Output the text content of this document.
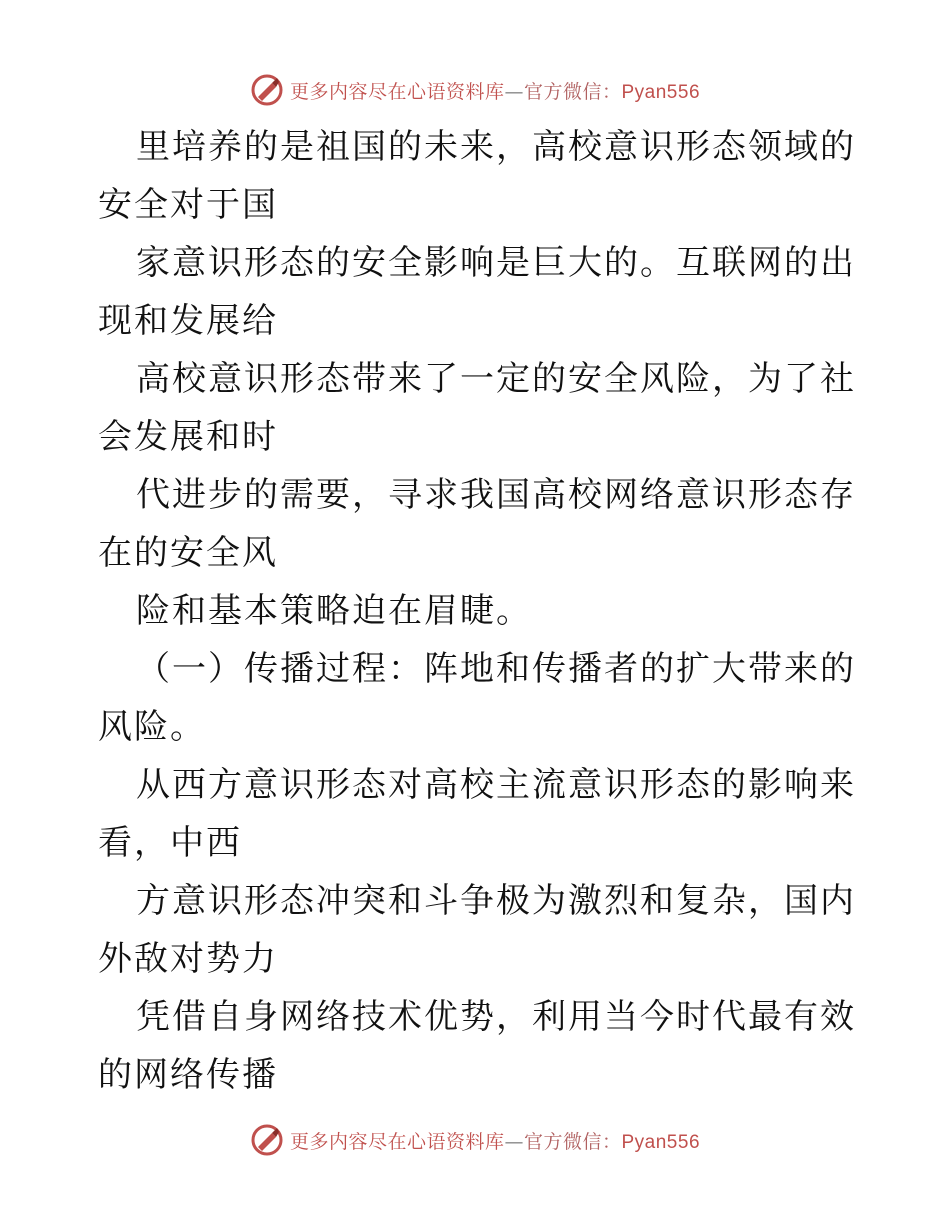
更多内容尽在心语资料库—官方微信：Pyan556

里培养的是祖国的未来，高校意识形态领域的安全对于国

家意识形态的安全影响是巨大的。互联网的出现和发展给

高校意识形态带来了一定的安全风险，为了社会发展和时

代进步的需要，寻求我国高校网络意识形态存在的安全风

险和基本策略迫在眉睫。

（一）传播过程：阵地和传播者的扩大带来的风险。

从西方意识形态对高校主流意识形态的影响来看，中西

方意识形态冲突和斗争极为激烈和复杂，国内外敌对势力

凭借自身网络技术优势，利用当今时代最有效的网络传播

更多内容尽在心语资料库—官方微信：Pyan556
